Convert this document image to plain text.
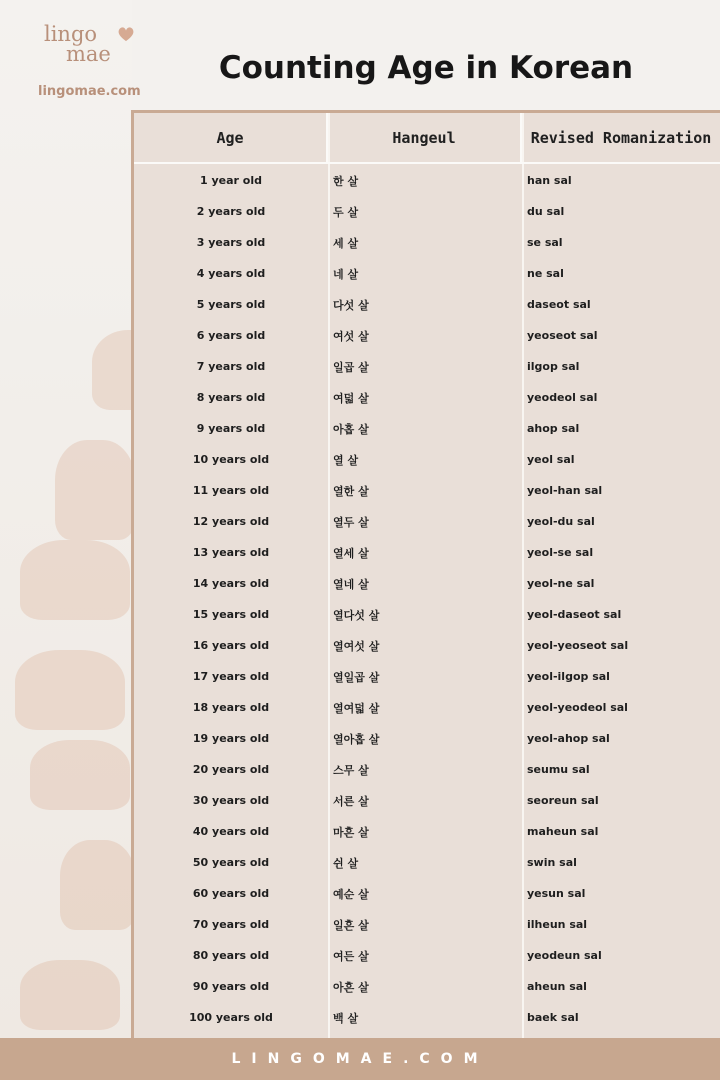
lingo
mae
lingomae.com
Counting Age in Korean
Age	Hangeul	Revised Romanization
1 year old	한 살	han sal
2 years old	두 살	du sal
3 years old	세 살	se sal
4 years old	네 살	ne sal
5 years old	다섯 살	daseot sal
6 years old	여섯 살	yeoseot sal
7 years old	일곱 살	ilgop sal
8 years old	여덟 살	yeodeol sal
9 years old	아홉 살	ahop sal
10 years old	열 살	yeol sal
11 years old	열한 살	yeol-han sal
12 years old	열두 살	yeol-du sal
13 years old	열세 살	yeol-se sal
14 years old	열네 살	yeol-ne sal
15 years old	열다섯 살	yeol-daseot sal
16 years old	열여섯 살	yeol-yeoseot sal
17 years old	열일곱 살	yeol-ilgop sal
18 years old	열여덟 살	yeol-yeodeol sal
19 years old	열아홉 살	yeol-ahop sal
20 years old	스무 살	seumu sal
30 years old	서른 살	seoreun sal
40 years old	마흔 살	maheun sal
50 years old	쉰 살	swin sal
60 years old	예순 살	yesun sal
70 years old	일흔 살	ilheun sal
80 years old	여든 살	yeodeun sal
90 years old	아흔 살	aheun sal
100 years old	백 살	baek sal
LINGOMAE.COM
